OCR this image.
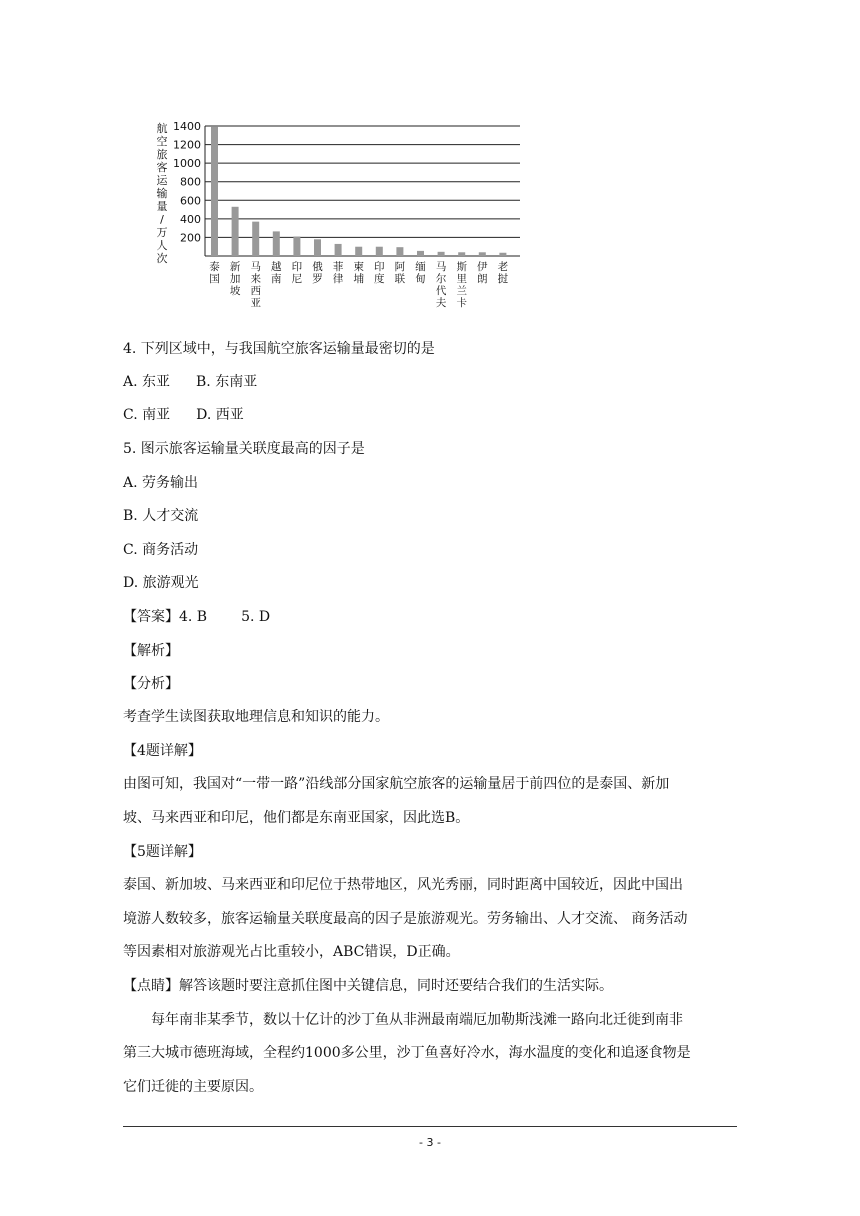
200
400
600
800
1000
1200
1400
航
空
旅
客
运
输
量
/
万
人
次
泰
国
新
加
坡
马
来
西
亚
越
南
印
尼
俄
罗
菲
律
柬
埔
印
度
阿
联
缅
甸
马
尔
代
夫
斯
里
兰
卡
伊
朗
老
挝
4. 下列区域中，与我国航空旅客运输量最密切的是
A. 东亚 B. 东南亚
C. 南亚 D. 西亚
5. 图示旅客运输量关联度最高的因子是
A. 劳务输出
B. 人才交流
C. 商务活动
D. 旅游观光
【答案】4. B 5. D
【解析】
【分析】
考查学生读图获取地理信息和知识的能力。
【4题详解】
由图可知，我国对“一带一路”沿线部分国家航空旅客的运输量居于前四位的是泰国、新加
坡、马来西亚和印尼，他们都是东南亚国家，因此选B。
【5题详解】
泰国、新加坡、马来西亚和印尼位于热带地区，风光秀丽，同时距离中国较近，因此中国出
境游人数较多，旅客运输量关联度最高的因子是旅游观光。劳务输出、人才交流、 商务活动
等因素相对旅游观光占比重较小，ABC错误，D正确。
【点睛】解答该题时要注意抓住图中关键信息，同时还要结合我们的生活实际。
每年南非某季节，数以十亿计的沙丁鱼从非洲最南端厄加勒斯浅滩一路向北迁徙到南非
第三大城市德班海域，全程约1000多公里，沙丁鱼喜好冷水，海水温度的变化和追逐食物是
它们迁徙的主要原因。
- 3 -
